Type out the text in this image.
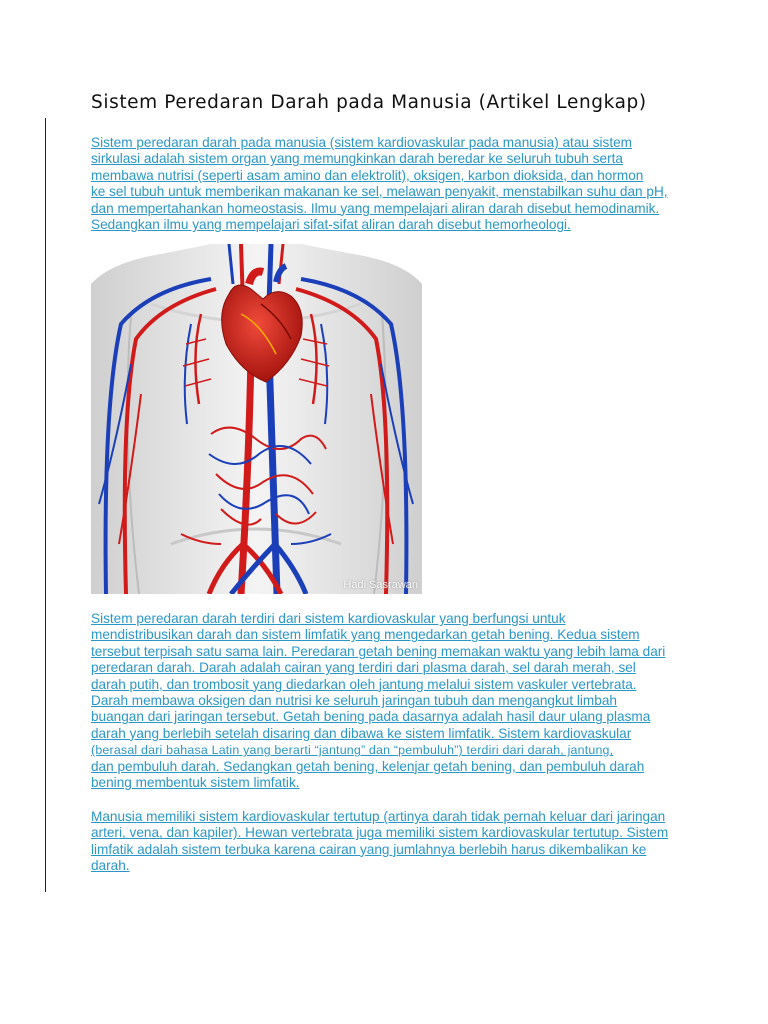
Sistem Peredaran Darah pada Manusia (Artikel Lengkap)

Sistem peredaran darah pada manusia (sistem kardiovaskular pada manusia) atau sistem
sirkulasi adalah sistem organ yang memungkinkan darah beredar ke seluruh tubuh serta
membawa nutrisi (seperti asam amino dan elektrolit), oksigen, karbon dioksida, dan hormon
ke sel tubuh untuk memberikan makanan ke sel, melawan penyakit, menstabilkan suhu dan pH,
dan mempertahankan homeostasis. Ilmu yang mempelajari aliran darah disebut hemodinamik.
Sedangkan ilmu yang mempelajari sifat-sifat aliran darah disebut hemorheologi.

Hadi Sasrawan

Sistem peredaran darah terdiri dari sistem kardiovaskular yang berfungsi untuk
mendistribusikan darah dan sistem limfatik yang mengedarkan getah bening. Kedua sistem
tersebut terpisah satu sama lain. Peredaran getah bening memakan waktu yang lebih lama dari
peredaran darah. Darah adalah cairan yang terdiri dari plasma darah, sel darah merah, sel
darah putih, dan trombosit yang diedarkan oleh jantung melalui sistem vaskuler vertebrata.
Darah membawa oksigen dan nutrisi ke seluruh jaringan tubuh dan mengangkut limbah
buangan dari jaringan tersebut. Getah bening pada dasarnya adalah hasil daur ulang plasma
darah yang berlebih setelah disaring dan dibawa ke sistem limfatik. Sistem kardiovaskular
(berasal dari bahasa Latin yang berarti “jantung” dan “pembuluh”) terdiri dari darah, jantung,
dan pembuluh darah. Sedangkan getah bening, kelenjar getah bening, dan pembuluh darah
bening membentuk sistem limfatik.

Manusia memiliki sistem kardiovaskular tertutup (artinya darah tidak pernah keluar dari jaringan
arteri, vena, dan kapiler). Hewan vertebrata juga memiliki sistem kardiovaskular tertutup. Sistem
limfatik adalah sistem terbuka karena cairan yang jumlahnya berlebih harus dikembalikan ke
darah.
